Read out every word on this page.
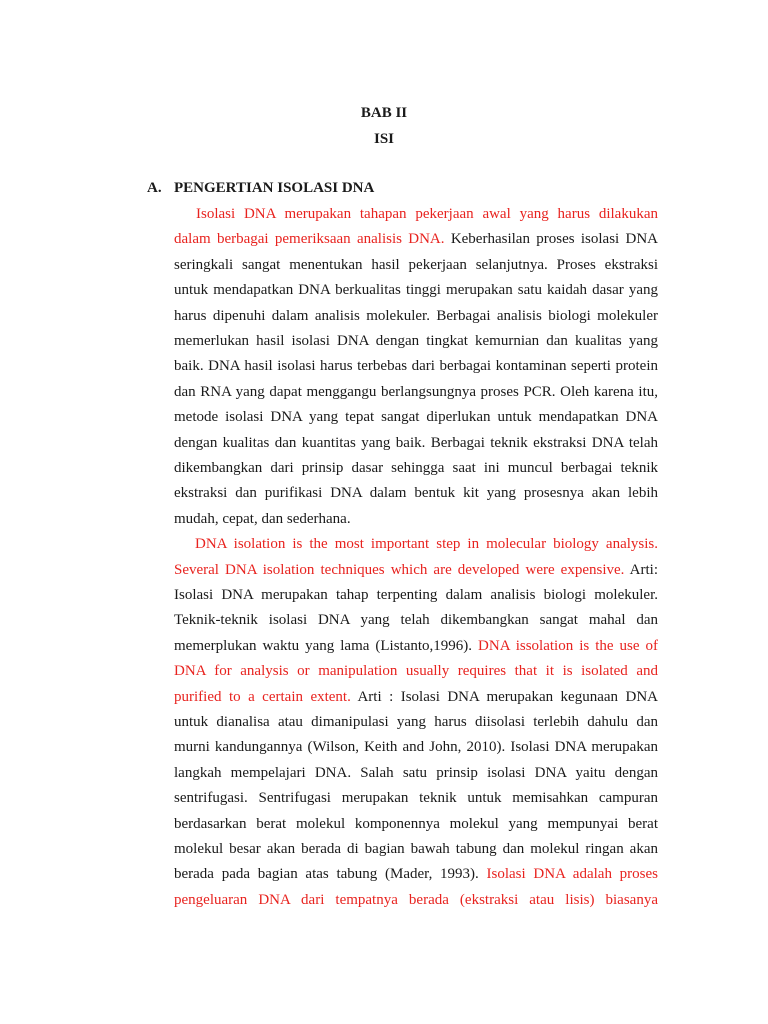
BAB II
ISI
A. PENGERTIAN ISOLASI DNA
Isolasi DNA merupakan tahapan pekerjaan awal yang harus dilakukan
dalam berbagai pemeriksaan analisis DNA. Keberhasilan proses isolasi DNA
seringkali sangat menentukan hasil pekerjaan selanjutnya. Proses ekstraksi
untuk mendapatkan DNA berkualitas tinggi merupakan satu kaidah dasar yang
harus dipenuhi dalam analisis molekuler. Berbagai analisis biologi molekuler
memerlukan hasil isolasi DNA dengan tingkat kemurnian dan kualitas yang
baik. DNA hasil isolasi harus terbebas dari berbagai kontaminan seperti protein
dan RNA yang dapat menggangu berlangsungnya proses PCR. Oleh karena itu,
metode isolasi DNA yang tepat sangat diperlukan untuk mendapatkan DNA
dengan kualitas dan kuantitas yang baik. Berbagai teknik ekstraksi DNA telah
dikembangkan dari prinsip dasar sehingga saat ini muncul berbagai teknik
ekstraksi dan purifikasi DNA dalam bentuk kit yang prosesnya akan lebih
mudah, cepat, dan sederhana.
DNA isolation is the most important step in molecular biology analysis.
Several DNA isolation techniques which are developed were expensive. Arti:
Isolasi DNA merupakan tahap terpenting dalam analisis biologi molekuler.
Teknik-teknik isolasi DNA yang telah dikembangkan sangat mahal dan
memerplukan waktu yang lama (Listanto,1996). DNA issolation is the use of
DNA for analysis or manipulation usually requires that it is isolated and
purified to a certain extent. Arti : Isolasi DNA merupakan kegunaan DNA
untuk dianalisa atau dimanipulasi yang harus diisolasi terlebih dahulu dan
murni kandungannya (Wilson, Keith and John, 2010). Isolasi DNA merupakan
langkah mempelajari DNA. Salah satu prinsip isolasi DNA yaitu dengan
sentrifugasi. Sentrifugasi merupakan teknik untuk memisahkan campuran
berdasarkan berat molekul komponennya molekul yang mempunyai berat
molekul besar akan berada di bagian bawah tabung dan molekul ringan akan
berada pada bagian atas tabung (Mader, 1993). Isolasi DNA adalah proses
pengeluaran DNA dari tempatnya berada (ekstraksi atau lisis) biasanya
